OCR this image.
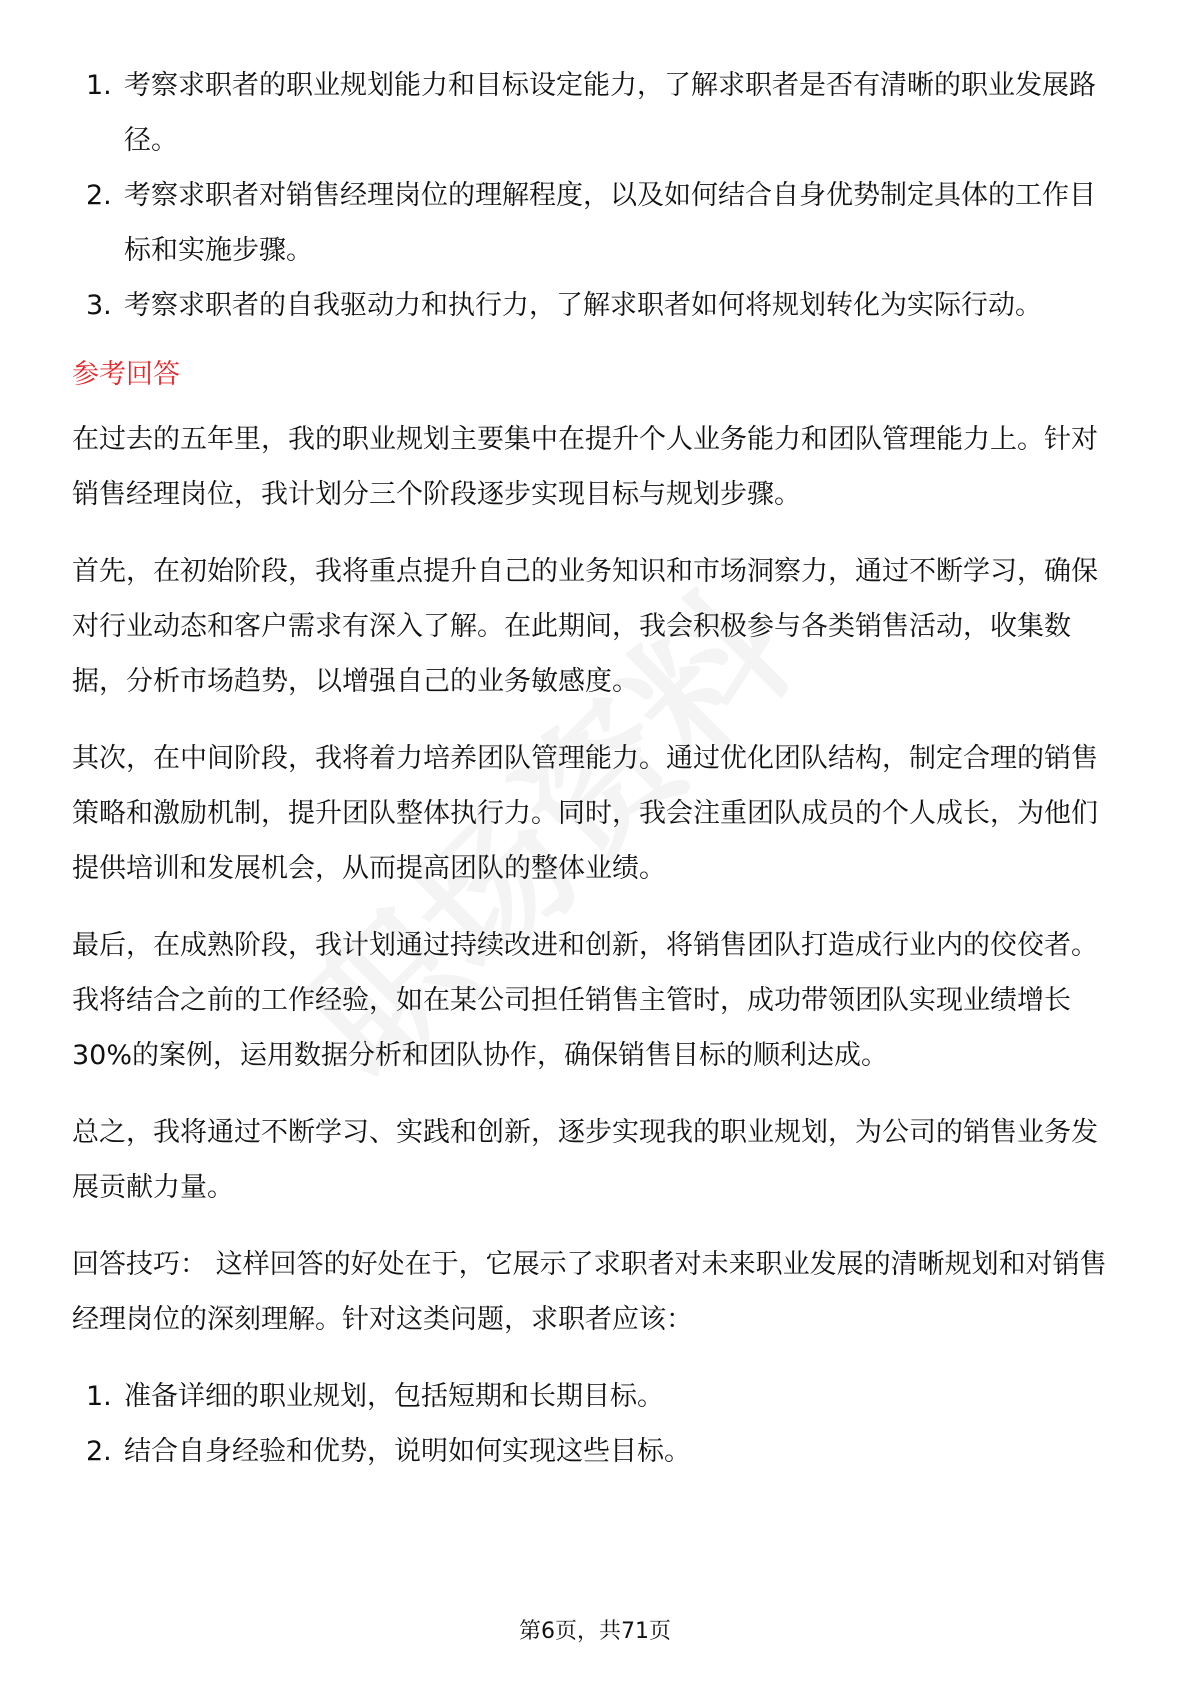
1. 考察求职者的职业规划能力和目标设定能力，了解求职者是否有清晰的职业发展路径。
2. 考察求职者对销售经理岗位的理解程度，以及如何结合自身优势制定具体的工作目标和实施步骤。
3. 考察求职者的自我驱动力和执行力，了解求职者如何将规划转化为实际行动。
参考回答

在过去的五年里，我的职业规划主要集中在提升个人业务能力和团队管理能力上。针对销售经理岗位，我计划分三个阶段逐步实现目标与规划步骤。

首先，在初始阶段，我将重点提升自己的业务知识和市场洞察力，通过不断学习，确保对行业动态和客户需求有深入了解。在此期间，我会积极参与各类销售活动，收集数据，分析市场趋势，以增强自己的业务敏感度。

其次，在中间阶段，我将着力培养团队管理能力。通过优化团队结构，制定合理的销售策略和激励机制，提升团队整体执行力。同时，我会注重团队成员的个人成长，为他们提供培训和发展机会，从而提高团队的整体业绩。

最后，在成熟阶段，我计划通过持续改进和创新，将销售团队打造成行业内的佼佼者。我将结合之前的工作经验，如在某公司担任销售主管时，成功带领团队实现业绩增长30%的案例，运用数据分析和团队协作，确保销售目标的顺利达成。

总之，我将通过不断学习、实践和创新，逐步实现我的职业规划，为公司的销售业务发展贡献力量。

回答技巧： 这样回答的好处在于，它展示了求职者对未来职业发展的清晰规划和对销售经理岗位的深刻理解。针对这类问题，求职者应该：

1. 准备详细的职业规划，包括短期和长期目标。
2. 结合自身经验和优势，说明如何实现这些目标。
第6页，共71页
